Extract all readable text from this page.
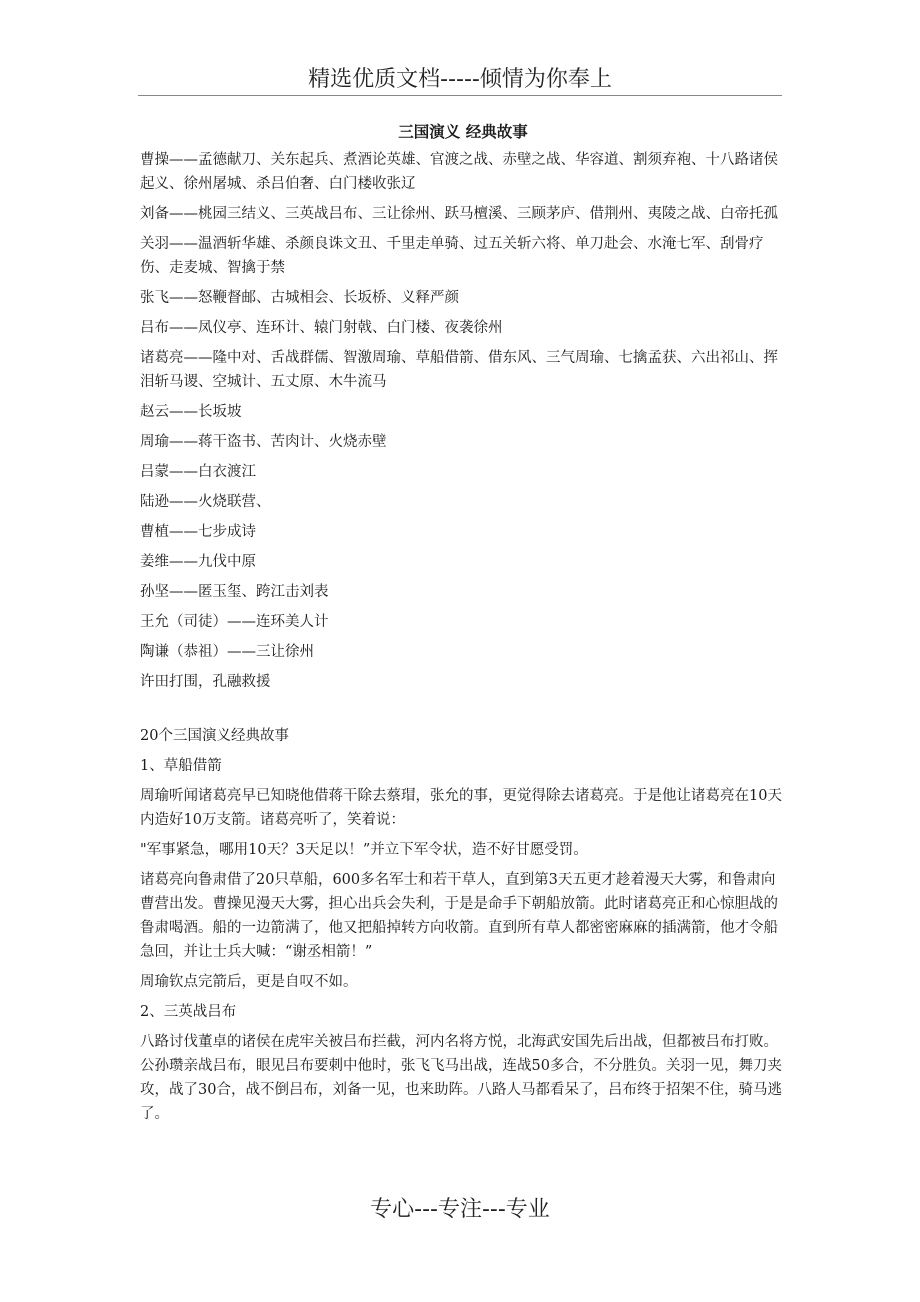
精选优质文档-----倾情为你奉上
三国演义 经典故事

曹操——孟德献刀、关东起兵、煮酒论英雄、官渡之战、赤壁之战、华容道、割须弃袍、十八路诸侯起义、徐州屠城、杀吕伯奢、白门楼收张辽

刘备——桃园三结义、三英战吕布、三让徐州、跃马檀溪、三顾茅庐、借荆州、夷陵之战、白帝托孤

关羽——温酒斩华雄、杀颜良诛文丑、千里走单骑、过五关斩六将、单刀赴会、水淹七军、刮骨疗伤、走麦城、智擒于禁

张飞——怒鞭督邮、古城相会、长坂桥、义释严颜

吕布——凤仪亭、连环计、辕门射戟、白门楼、夜袭徐州

诸葛亮——隆中对、舌战群儒、智激周瑜、草船借箭、借东风、三气周瑜、七擒孟获、六出祁山、挥泪斩马谡、空城计、五丈原、木牛流马

赵云——长坂坡

周瑜——蒋干盗书、苦肉计、火烧赤壁

吕蒙——白衣渡江

陆逊——火烧联营、

曹植——七步成诗

姜维——九伐中原

孙坚——匿玉玺、跨江击刘表

王允（司徒）——连环美人计

陶谦（恭祖）——三让徐州

许田打围，孔融救援

20个三国演义经典故事

1、草船借箭

周瑜听闻诸葛亮早已知晓他借蒋干除去蔡瑁，张允的事，更觉得除去诸葛亮。于是他让诸葛亮在10天内造好10万支箭。诸葛亮听了，笑着说：

"军事紧急，哪用10天？3天足以！”并立下军令状，造不好甘愿受罚。

诸葛亮向鲁肃借了20只草船，600多名军士和若干草人，直到第3天五更才趁着漫天大雾，和鲁肃向曹营出发。曹操见漫天大雾，担心出兵会失利，于是是命手下朝船放箭。此时诸葛亮正和心惊胆战的鲁肃喝酒。船的一边箭满了，他又把船掉转方向收箭。直到所有草人都密密麻麻的插满箭，他才令船急回，并让士兵大喊：“谢丞相箭！”

周瑜钦点完箭后，更是自叹不如。

2、三英战吕布

八路讨伐董卓的诸侯在虎牢关被吕布拦截，河内名将方悦，北海武安国先后出战，但都被吕布打败。公孙瓒亲战吕布，眼见吕布要刺中他时，张飞飞马出战，连战50多合，不分胜负。关羽一见，舞刀夹攻，战了30合，战不倒吕布，刘备一见，也来助阵。八路人马都看呆了，吕布终于招架不住，骑马逃了。

专心---专注---专业
